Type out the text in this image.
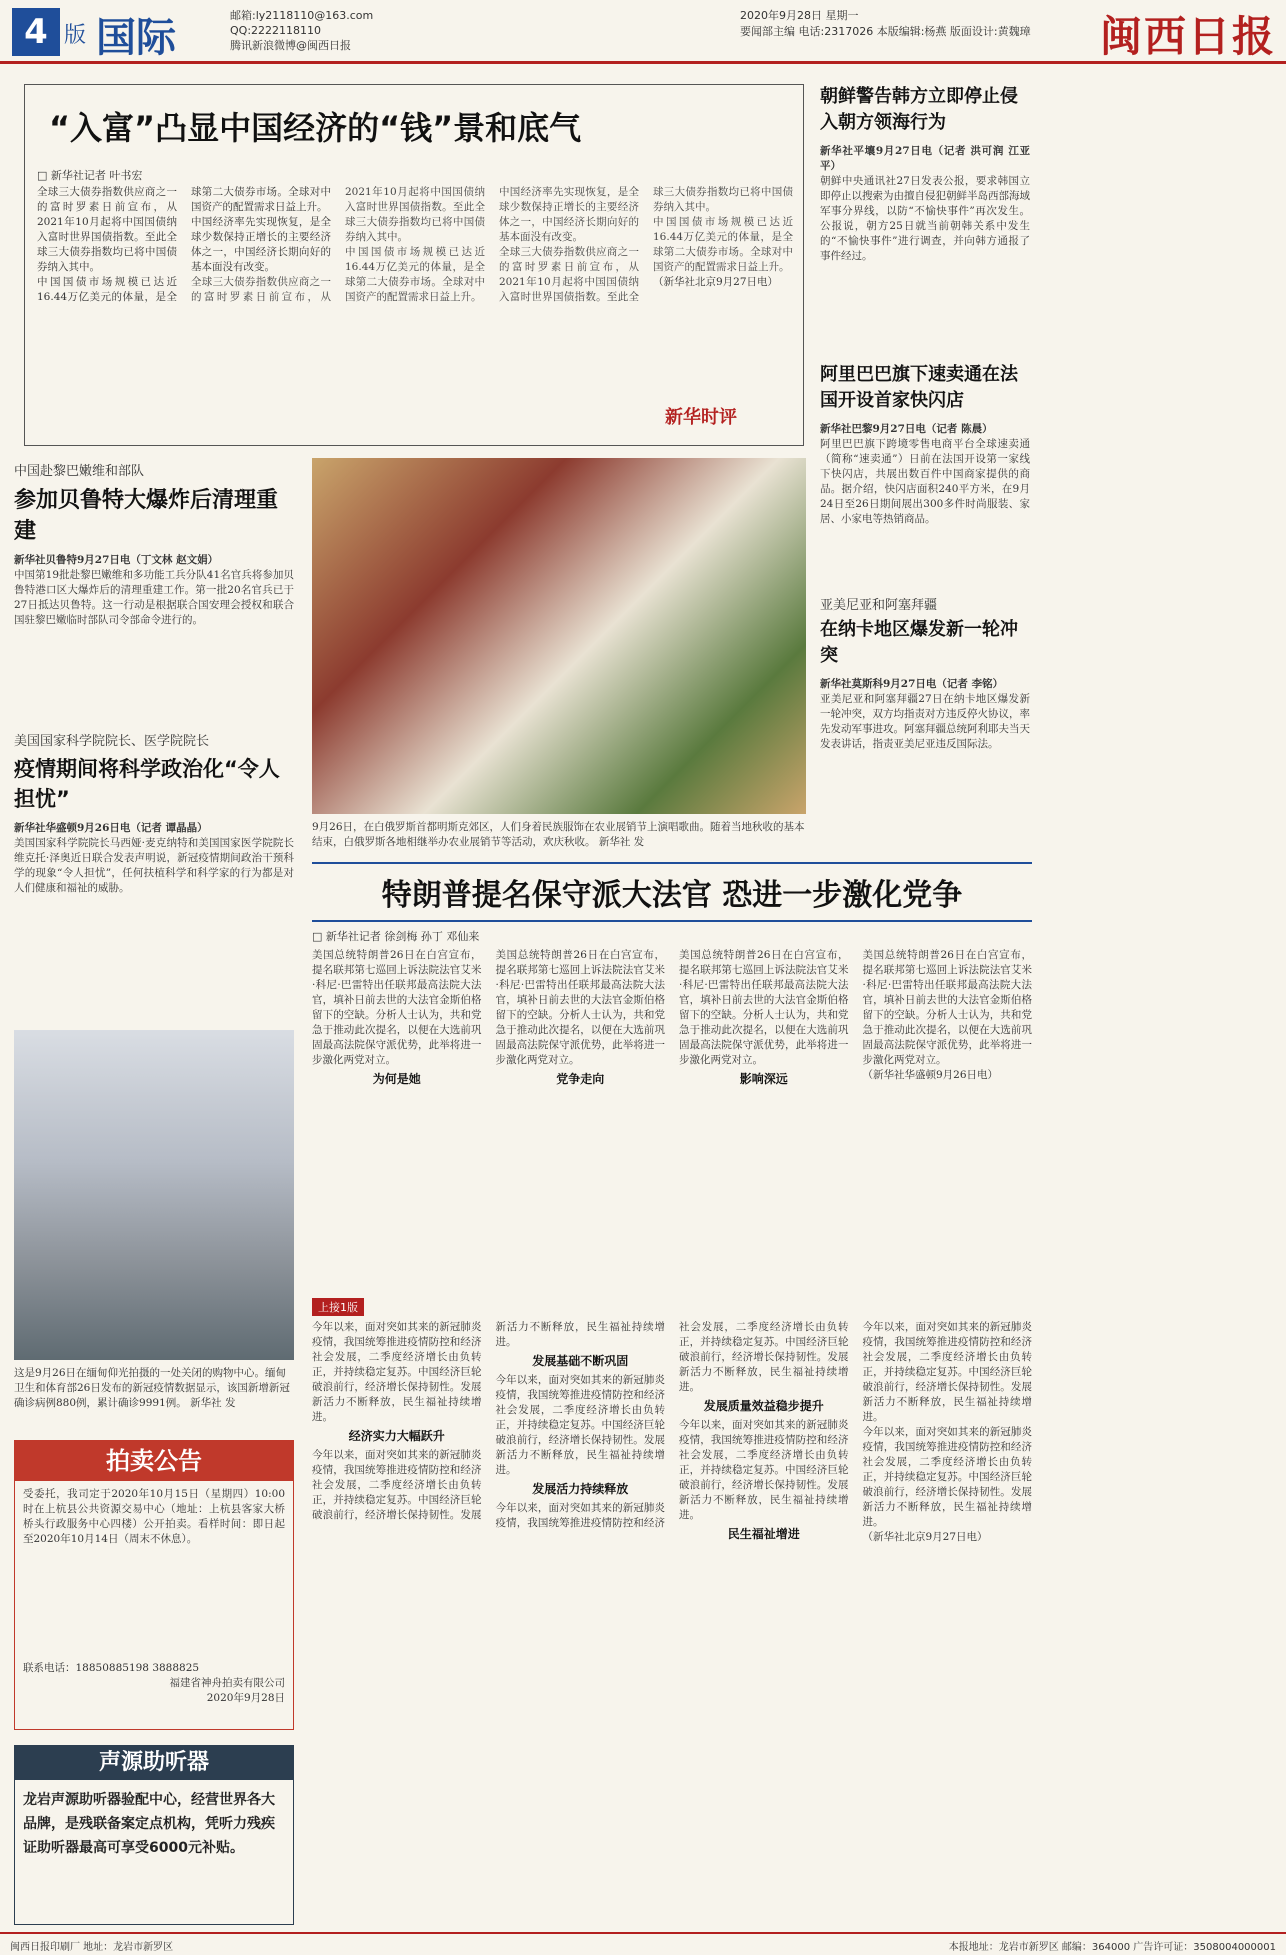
4 版 国际	邮箱:ly2118110@163.com
QQ:2222118110
腾讯新浪微博@闽西日报
2020年9月28日 星期一
要闻部主编 电话:2317026 本版编辑:杨燕 版面设计:黄魏璋 闽西日报
“入富”凸显中国经济的“钱”景和底气
□ 新华社记者 叶书宏

全球三大债券指数供应商之一的富时罗素日前宣布，从2021年10月起将中国国债纳入富时世界国债指数。至此全球三大债券指数均已将中国债券纳入其中。

中国国债市场规模已达近16.44万亿美元的体量，是全球第二大债券市场。全球对中国资产的配置需求日益上升。

中国经济率先实现恢复，是全球少数保持正增长的主要经济体之一，中国经济长期向好的基本面没有改变。

全球三大债券指数供应商之一的富时罗素日前宣布，从2021年10月起将中国国债纳入富时世界国债指数。至此全球三大债券指数均已将中国债券纳入其中。

中国国债市场规模已达近16.44万亿美元的体量，是全球第二大债券市场。全球对中国资产的配置需求日益上升。

中国经济率先实现恢复，是全球少数保持正增长的主要经济体之一，中国经济长期向好的基本面没有改变。

全球三大债券指数供应商之一的富时罗素日前宣布，从2021年10月起将中国国债纳入富时世界国债指数。至此全球三大债券指数均已将中国债券纳入其中。

中国国债市场规模已达近16.44万亿美元的体量，是全球第二大债券市场。全球对中国资产的配置需求日益上升。

（新华社北京9月27日电）

新华时评
朝鲜警告韩方立即停止侵入朝方领海行为
新华社平壤9月27日电（记者 洪可润 江亚平）
朝鲜中央通讯社27日发表公报，要求韩国立即停止以搜索为由擅自侵犯朝鲜半岛西部海域军事分界线，以防“不愉快事件”再次发生。公报说，朝方25日就当前朝韩关系中发生的“不愉快事件”进行调查，并向韩方通报了事件经过。
阿里巴巴旗下速卖通在法国开设首家快闪店
新华社巴黎9月27日电（记者 陈晨）
阿里巴巴旗下跨境零售电商平台全球速卖通（简称“速卖通”）日前在法国开设第一家线下快闪店，共展出数百件中国商家提供的商品。据介绍，快闪店面积240平方米，在9月24日至26日期间展出300多件时尚服装、家居、小家电等热销商品。
亚美尼亚和阿塞拜疆
在纳卡地区爆发新一轮冲突
新华社莫斯科9月27日电（记者 李铭）
亚美尼亚和阿塞拜疆27日在纳卡地区爆发新一轮冲突，双方均指责对方违反停火协议，率先发动军事进攻。阿塞拜疆总统阿利耶夫当天发表讲话，指责亚美尼亚违反国际法。
中国赴黎巴嫩维和部队
参加贝鲁特大爆炸后清理重建
新华社贝鲁特9月27日电（丁文林 赵文娟）
中国第19批赴黎巴嫩维和多功能工兵分队41名官兵将参加贝鲁特港口区大爆炸后的清理重建工作。第一批20名官兵已于27日抵达贝鲁特。这一行动是根据联合国安理会授权和联合国驻黎巴嫩临时部队司令部命令进行的。
9月26日，在白俄罗斯首都明斯克郊区，人们身着民族服饰在农业展销节上演唱歌曲。随着当地秋收的基本结束，白俄罗斯各地相继举办农业展销节等活动，欢庆秋收。 新华社 发
美国国家科学院院长、医学院院长
疫情期间将科学政治化“令人担忧”
新华社华盛顿9月26日电（记者 谭晶晶）
美国国家科学院院长马西娅·麦克纳特和美国国家医学院院长维克托·泽奥近日联合发表声明说，新冠疫情期间政治干预科学的现象“令人担忧”，任何扶植科学和科学家的行为都是对人们健康和福祉的威胁。	特朗普提名保守派大法官 恐进一步激化党争
□ 新华社记者 徐剑梅 孙丁 邓仙来

美国总统特朗普26日在白宫宣布，提名联邦第七巡回上诉法院法官艾米·科尼·巴雷特出任联邦最高法院大法官，填补日前去世的大法官金斯伯格留下的空缺。分析人士认为，共和党急于推动此次提名，以便在大选前巩固最高法院保守派优势，此举将进一步激化两党对立。

为何是她

美国总统特朗普26日在白宫宣布，提名联邦第七巡回上诉法院法官艾米·科尼·巴雷特出任联邦最高法院大法官，填补日前去世的大法官金斯伯格留下的空缺。分析人士认为，共和党急于推动此次提名，以便在大选前巩固最高法院保守派优势，此举将进一步激化两党对立。

党争走向

美国总统特朗普26日在白宫宣布，提名联邦第七巡回上诉法院法官艾米·科尼·巴雷特出任联邦最高法院大法官，填补日前去世的大法官金斯伯格留下的空缺。分析人士认为，共和党急于推动此次提名，以便在大选前巩固最高法院保守派优势，此举将进一步激化两党对立。

影响深远

美国总统特朗普26日在白宫宣布，提名联邦第七巡回上诉法院法官艾米·科尼·巴雷特出任联邦最高法院大法官，填补日前去世的大法官金斯伯格留下的空缺。分析人士认为，共和党急于推动此次提名，以便在大选前巩固最高法院保守派优势，此举将进一步激化两党对立。

（新华社华盛顿9月26日电）

这是9月26日在缅甸仰光拍摄的一处关闭的购物中心。缅甸卫生和体育部26日发布的新冠疫情数据显示，该国新增新冠确诊病例880例，累计确诊9991例。 新华社 发
拍卖公告
受委托，我司定于2020年10月15日（星期四）10:00时在上杭县公共资源交易中心（地址：上杭县客家大桥桥头行政服务中心四楼）公开拍卖。看样时间：即日起至2020年10月14日（周末不休息）。
联系电话：18850885198 3888825
福建省神舟拍卖有限公司
2020年9月28日
声源助听器
龙岩声源助听器验配中心，经营世界各大品牌，是残联备案定点机构，凭听力残疾证助听器最高可享受6000元补贴。
上接1版

今年以来，面对突如其来的新冠肺炎疫情，我国统筹推进疫情防控和经济社会发展，二季度经济增长由负转正，并持续稳定复苏。中国经济巨轮破浪前行，经济增长保持韧性。发展新活力不断释放，民生福祉持续增进。

经济实力大幅跃升

今年以来，面对突如其来的新冠肺炎疫情，我国统筹推进疫情防控和经济社会发展，二季度经济增长由负转正，并持续稳定复苏。中国经济巨轮破浪前行，经济增长保持韧性。发展新活力不断释放，民生福祉持续增进。

发展基础不断巩固

今年以来，面对突如其来的新冠肺炎疫情，我国统筹推进疫情防控和经济社会发展，二季度经济增长由负转正，并持续稳定复苏。中国经济巨轮破浪前行，经济增长保持韧性。发展新活力不断释放，民生福祉持续增进。

发展活力持续释放

今年以来，面对突如其来的新冠肺炎疫情，我国统筹推进疫情防控和经济社会发展，二季度经济增长由负转正，并持续稳定复苏。中国经济巨轮破浪前行，经济增长保持韧性。发展新活力不断释放，民生福祉持续增进。

发展质量效益稳步提升

今年以来，面对突如其来的新冠肺炎疫情，我国统筹推进疫情防控和经济社会发展，二季度经济增长由负转正，并持续稳定复苏。中国经济巨轮破浪前行，经济增长保持韧性。发展新活力不断释放，民生福祉持续增进。

民生福祉增进

今年以来，面对突如其来的新冠肺炎疫情，我国统筹推进疫情防控和经济社会发展，二季度经济增长由负转正，并持续稳定复苏。中国经济巨轮破浪前行，经济增长保持韧性。发展新活力不断释放，民生福祉持续增进。

今年以来，面对突如其来的新冠肺炎疫情，我国统筹推进疫情防控和经济社会发展，二季度经济增长由负转正，并持续稳定复苏。中国经济巨轮破浪前行，经济增长保持韧性。发展新活力不断释放，民生福祉持续增进。

（新华社北京9月27日电）

闽西日报印刷厂 地址：龙岩市新罗区	本报地址：龙岩市新罗区 邮编：364000 广告许可证：3508004000001
